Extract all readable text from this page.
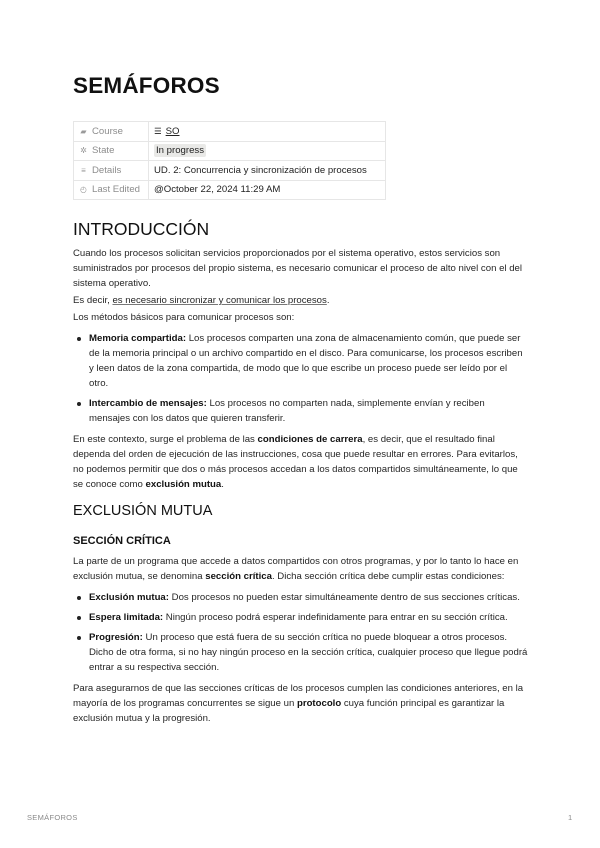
SEMÁFOROS
▰ Course	☰ SO
✲ State	In progress
≡ Details	UD. 2: Concurrencia y sincronización de procesos
◴ Last Edited	@October 22, 2024 11:29 AM
INTRODUCCIÓN

Cuando los procesos solicitan servicios proporcionados por el sistema operativo, estos servicios son suministrados por procesos del propio sistema, es necesario comunicar el proceso de alto nivel con el del sistema operativo.

Es decir, es necesario sincronizar y comunicar los procesos.

Los métodos básicos para comunicar procesos son:

Memoria compartida: Los procesos comparten una zona de almacenamiento común, que puede ser de la memoria principal o un archivo compartido en el disco. Para comunicarse, los procesos escriben y leen datos de la zona compartida, de modo que lo que escribe un proceso puede ser leído por el otro.
Intercambio de mensajes: Los procesos no comparten nada, simplemente envían y reciben mensajes con los datos que quieren transferir.

En este contexto, surge el problema de las condiciones de carrera, es decir, que el resultado final dependa del orden de ejecución de las instrucciones, cosa que puede resultar en errores. Para evitarlos, no podemos permitir que dos o más procesos accedan a los datos compartidos simultáneamente, lo que se conoce como exclusión mutua.

EXCLUSIÓN MUTUA
SECCIÓN CRÍTICA

La parte de un programa que accede a datos compartidos con otros programas, y por lo tanto lo hace en exclusión mutua, se denomina sección crítica. Dicha sección crítica debe cumplir estas condiciones:

Exclusión mutua: Dos procesos no pueden estar simultáneamente dentro de sus secciones críticas.
Espera limitada: Ningún proceso podrá esperar indefinidamente para entrar en su sección crítica.
Progresión: Un proceso que está fuera de su sección crítica no puede bloquear a otros procesos. Dicho de otra forma, si no hay ningún proceso en la sección crítica, cualquier proceso que llegue podrá entrar a su respectiva sección.

Para asegurarnos de que las secciones críticas de los procesos cumplen las condiciones anteriores, en la mayoría de los programas concurrentes se sigue un protocolo cuya función principal es garantizar la exclusión mutua y la progresión.

SEMÁFOROS	1
